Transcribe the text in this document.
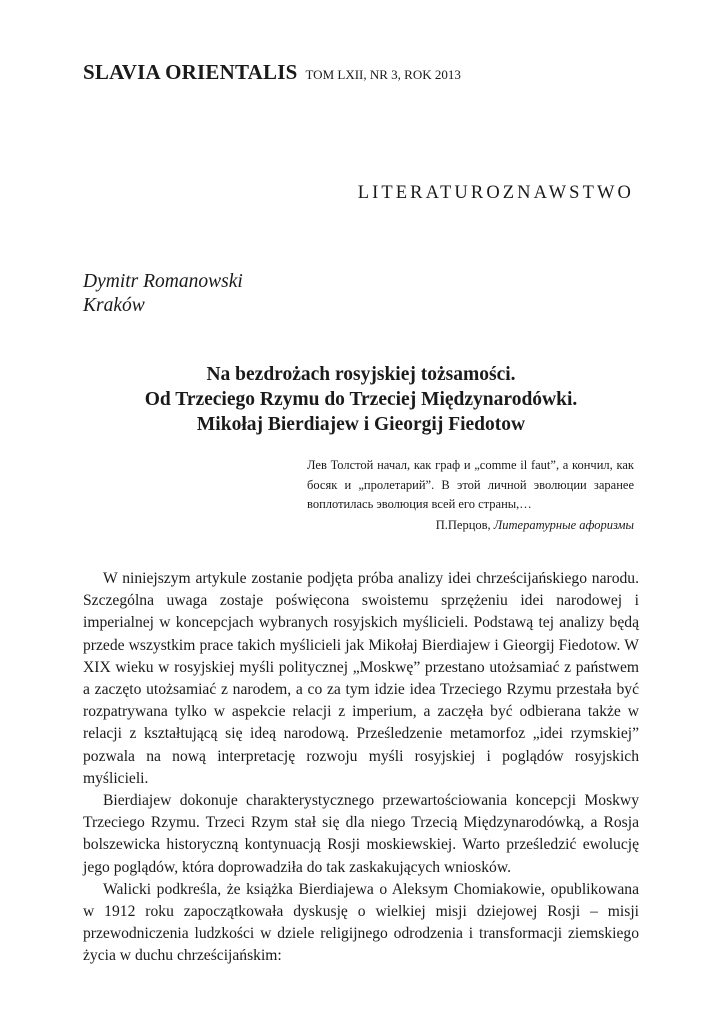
SLAVIA ORIENTALIS TOM LXII, NR 3, ROK 2013
LITERATUROZNAWSTWO
Dymitr Romanowski
Kraków
Na bezdrożach rosyjskiej tożsamości.
Od Trzeciego Rzymu do Trzeciej Międzynarodówki.
Mikołaj Bierdiajew i Gieorgij Fiedotow
Лев Толстой начал, как граф и „comme il faut”, а кончил, как босяк и „пролетарий”. В этой личной эволюции заранее воплотилась эволюция всей его страны,…
П.Перцов, Литературные афоризмы

W niniejszym artykule zostanie podjęta próba analizy idei chrześcijańskiego narodu. Szczególna uwaga zostaje poświęcona swoistemu sprzężeniu idei narodowej i imperialnej w koncepcjach wybranych rosyjskich myślicieli. Podstawą tej analizy będą przede wszystkim prace takich myślicieli jak Mikołaj Bierdiajew i Gieorgij Fiedotow. W XIX wieku w rosyjskiej myśli politycznej „Moskwę” przestano utożsamiać z państwem a zaczęto utożsamiać z narodem, a co za tym idzie idea Trzeciego Rzymu przestała być rozpatrywana tylko w aspekcie relacji z imperium, a zaczęła być odbierana także w relacji z kształtującą się ideą narodową. Prześledzenie metamorfoz „idei rzymskiej” pozwala na nową interpretację rozwoju myśli rosyjskiej i poglądów rosyjskich myślicieli.

Bierdiajew dokonuje charakterystycznego przewartościowania koncepcji Moskwy Trzeciego Rzymu. Trzeci Rzym stał się dla niego Trzecią Międzynarodówką, a Rosja bolszewicka historyczną kontynuacją Rosji moskiewskiej. Warto prześledzić ewolucję jego poglądów, która doprowadziła do tak zaskakujących wniosków.

Walicki podkreśla, że książka Bierdiajewa o Aleksym Chomiakowie, opublikowana w 1912 roku zapoczątkowała dyskusję o wielkiej misji dziejowej Rosji – misji przewodniczenia ludzkości w dziele religijnego odrodzenia i transformacji ziemskiego życia w duchu chrześcijańskim:
